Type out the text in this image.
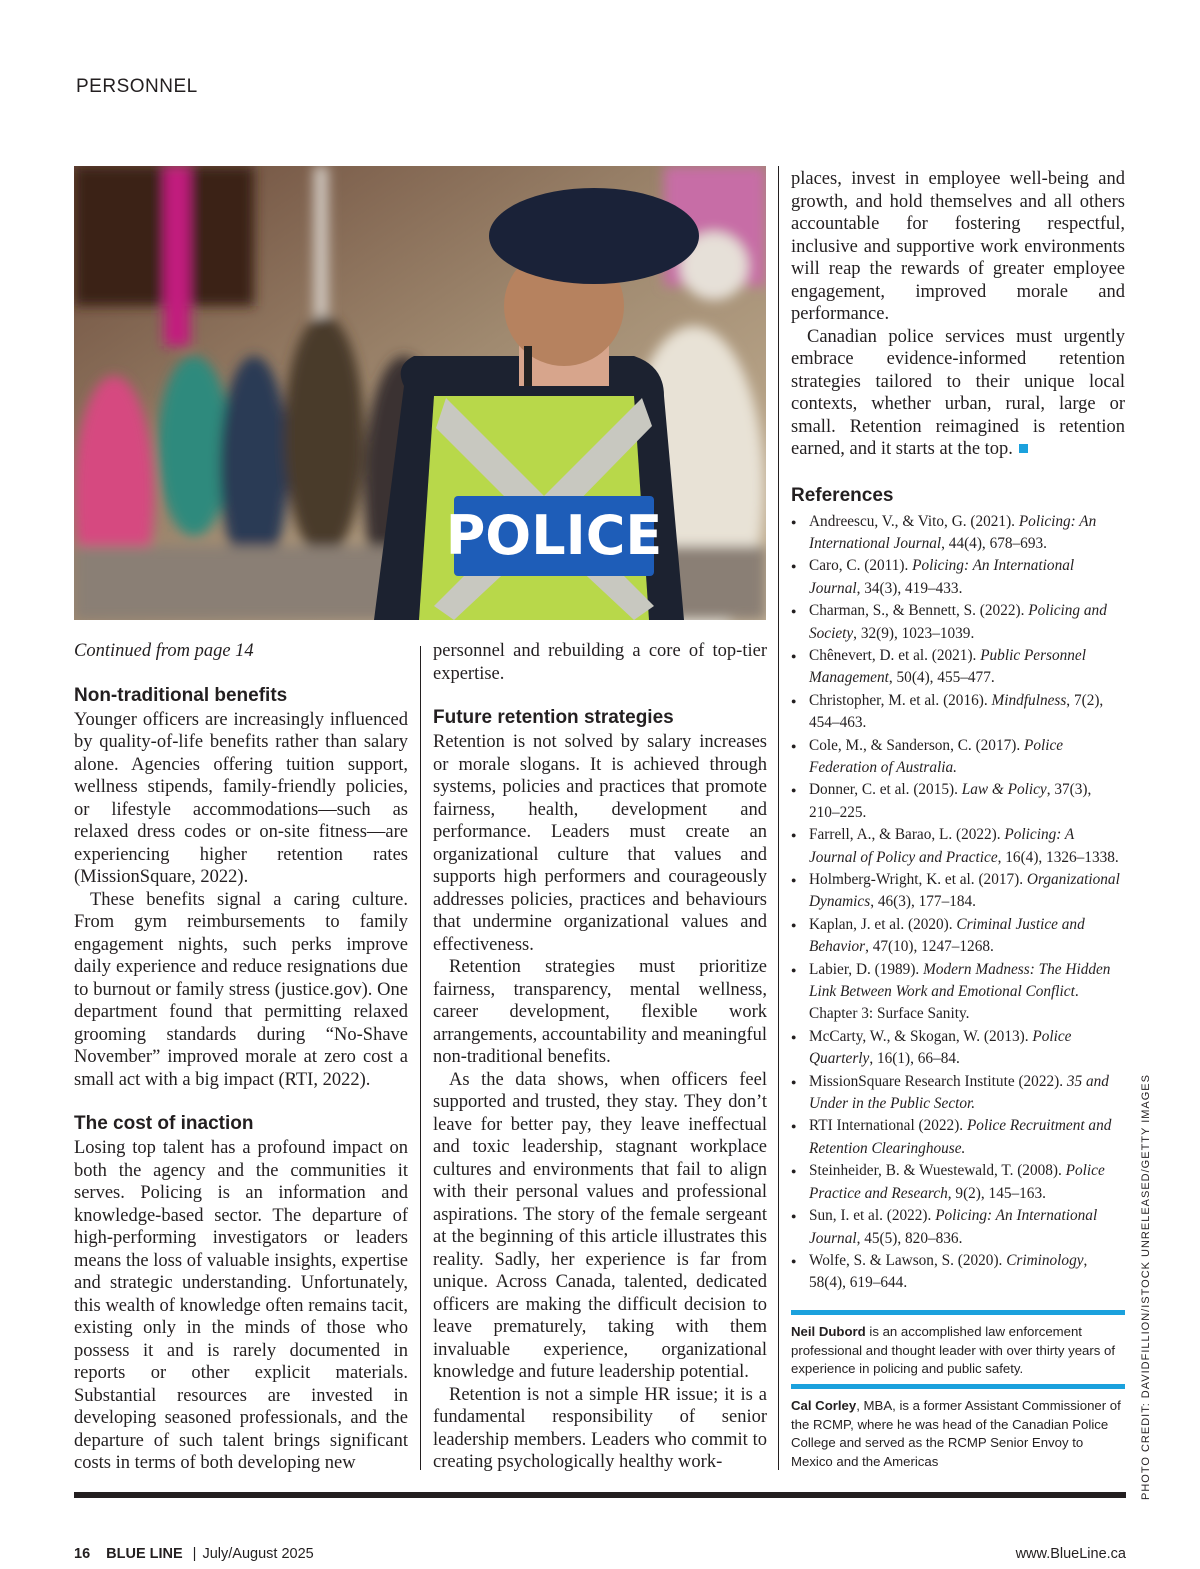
PERSONNEL
POLICE

Continued from page 14

Non-traditional benefits

Younger officers are increasingly influenced by quality-of-life benefits rather than salary alone. Agencies offering tuition support, wellness stipends, family-friendly policies, or lifestyle accommodations—such as relaxed dress codes or on-site fitness—are experiencing higher retention rates (MissionSquare, 2022).

These benefits signal a caring culture. From gym reimbursements to family engagement nights, such perks improve daily experience and reduce resignations due to burnout or family stress (justice.gov). One department found that permitting relaxed grooming standards during “No-Shave November” improved morale at zero cost a small act with a big impact (RTI, 2022).

The cost of inaction

Losing top talent has a profound impact on both the agency and the communities it serves. Policing is an information and knowledge-based sector. The departure of high-performing investigators or leaders means the loss of valuable insights, expertise and strategic understanding. Unfortunately, this wealth of knowledge often remains tacit, existing only in the minds of those who possess it and is rarely documented in reports or other explicit materials. Substantial resources are invested in developing seasoned professionals, and the departure of such talent brings significant costs in terms of both developing new

personnel and rebuilding a core of top-tier expertise.

Future retention strategies

Retention is not solved by salary increases or morale slogans. It is achieved through systems, policies and practices that promote fairness, health, development and performance. Leaders must create an organizational culture that values and supports high performers and courageously addresses policies, practices and behaviours that undermine organizational values and effectiveness.

Retention strategies must prioritize fairness, transparency, mental wellness, career development, flexible work arrangements, accountability and meaningful non-traditional benefits.

As the data shows, when officers feel supported and trusted, they stay. They don’t leave for better pay, they leave ineffectual and toxic leadership, stagnant workplace cultures and environments that fail to align with their personal values and professional aspirations. The story of the female sergeant at the beginning of this article illustrates this reality. Sadly, her experience is far from unique. Across Canada, talented, dedicated officers are making the difficult decision to leave prematurely, taking with them invaluable experience, organizational knowledge and future leadership potential.

Retention is not a simple HR issue; it is a fundamental responsibility of senior leadership members. Leaders who commit to creating psychologically healthy work-

places, invest in employee well-being and growth, and hold themselves and all others accountable for fostering respectful, inclusive and supportive work environments will reap the rewards of greater employee engagement, improved morale and performance.

Canadian police services must urgently embrace evidence-informed retention strategies tailored to their unique local contexts, whether urban, rural, large or small. Retention reimagined is retention earned, and it starts at the top.

References
● Andreescu, V., & Vito, G. (2021). Policing: An International Journal, 44(4), 678–693.
● Caro, C. (2011). Policing: An International Journal, 34(3), 419–433.
● Charman, S., & Bennett, S. (2022). Policing and Society, 32(9), 1023–1039.
● Chênevert, D. et al. (2021). Public Personnel Management, 50(4), 455–477.
● Christopher, M. et al. (2016). Mindfulness, 7(2), 454–463.
● Cole, M., & Sanderson, C. (2017). Police Federation of Australia.
● Donner, C. et al. (2015). Law & Policy, 37(3), 210–225.
● Farrell, A., & Barao, L. (2022). Policing: A Journal of Policy and Practice, 16(4), 1326–1338.
● Holmberg-Wright, K. et al. (2017). Organizational Dynamics, 46(3), 177–184.
● Kaplan, J. et al. (2020). Criminal Justice and Behavior, 47(10), 1247–1268.
● Labier, D. (1989). Modern Madness: The Hidden Link Between Work and Emotional Conflict. Chapter 3: Surface Sanity.
● McCarty, W., & Skogan, W. (2013). Police Quarterly, 16(1), 66–84.
● MissionSquare Research Institute (2022). 35 and Under in the Public Sector.
● RTI International (2022). Police Recruitment and Retention Clearinghouse.
● Steinheider, B. & Wuestewald, T. (2008). Police Practice and Research, 9(2), 145–163.
● Sun, I. et al. (2022). Policing: An International Journal, 45(5), 820–836.
● Wolfe, S. & Lawson, S. (2020). Criminology, 58(4), 619–644.
Neil Dubord is an accomplished law enforcement professional and thought leader with over thirty years of experience in policing and public safety.
Cal Corley, MBA, is a former Assistant Commissioner of the RCMP, where he was head of the Canadian Police College and served as the RCMP Senior Envoy to Mexico and the Americas	PHOTO CREDIT: DAVIDFILLION/ISTOCK UNRELEASED/GETTY IMAGES
16 BLUE LINE | July/August 2025	www.BlueLine.ca
